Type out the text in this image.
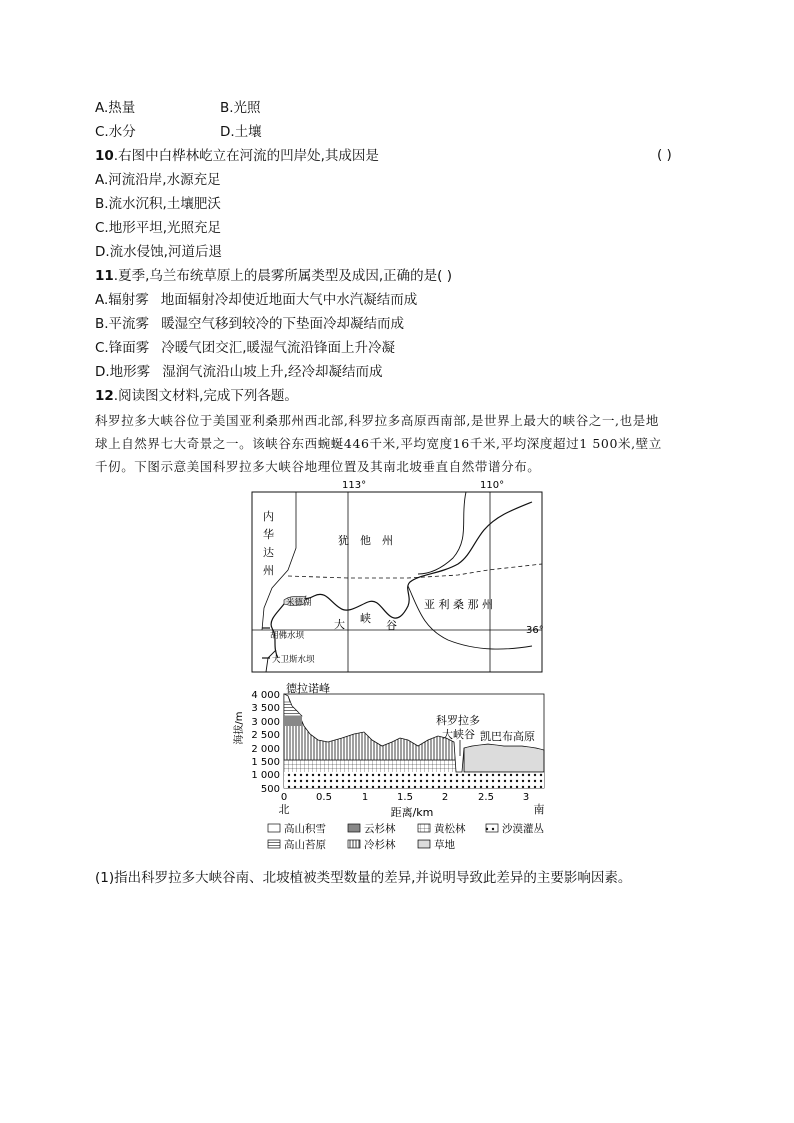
A.热量	B.光照
C.水分	D.土壤
10.右图中白桦林屹立在河流的凹岸处,其成因是	( )
A.河流沿岸,水源充足
B.流水沉积,土壤肥沃
C.地形平坦,光照充足
D.流水侵蚀,河道后退
11.夏季,乌兰布统草原上的晨雾所属类型及成因,正确的是( )
A.辐射雾 地面辐射冷却使近地面大气中水汽凝结而成
B.平流雾 暖湿空气移到较冷的下垫面冷却凝结而成
C.锋面雾 冷暖气团交汇,暖湿气流沿锋面上升冷凝
D.地形雾 湿润气流沿山坡上升,经冷却凝结而成
12.阅读图文材料,完成下列各题。
科罗拉多大峡谷位于美国亚利桑那州西北部,科罗拉多高原西南部,是世界上最大的峡谷之一,也是地
球上自然界七大奇景之一。该峡谷东西蜿蜒446千米,平均宽度16千米,平均深度超过1 500米,壁立
千仞。下图示意美国科罗拉多大峡谷地理位置及其南北坡垂直自然带谱分布。
113°	110°
36°
内
华
达
州
犹　他　州
亚 利 桑 那 州
米德湖
大 峡
谷
胡佛水坝
大卫斯水坝
4 000
3 500
3 000
2 500
2 000
1 500
1 000
500
海拔/m
0	0.5	1	1.5	2	2.5	3
北	南
距离/km
德拉诺峰
科罗拉多
大峡谷 凯巴布高原
高山积雪	云杉林	黄松林	沙漠灌丛
高山苔原	冷杉林	草地
(1)指出科罗拉多大峡谷南、北坡植被类型数量的差异,并说明导致此差异的主要影响因素。
